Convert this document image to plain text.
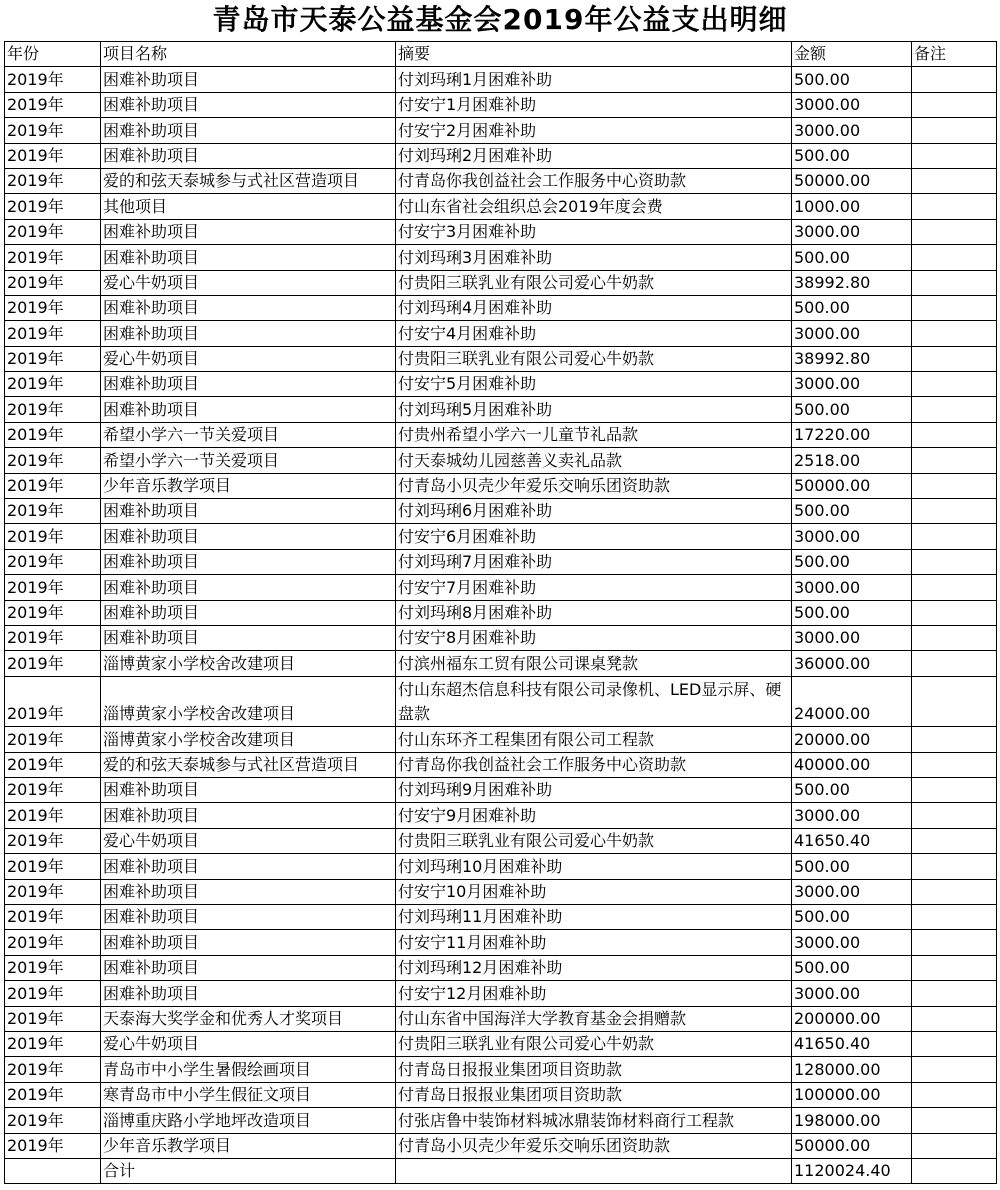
青岛市天泰公益基金会2019年公益支出明细
年份	项目名称	摘要	金额	备注
2019年	困难补助项目	付刘玛琍1月困难补助	500.00	
2019年	困难补助项目	付安宁1月困难补助	3000.00	
2019年	困难补助项目	付安宁2月困难补助	3000.00	
2019年	困难补助项目	付刘玛琍2月困难补助	500.00	
2019年	爱的和弦天泰城参与式社区营造项目	付青岛你我创益社会工作服务中心资助款	50000.00	
2019年	其他项目	付山东省社会组织总会2019年度会费	1000.00	
2019年	困难补助项目	付安宁3月困难补助	3000.00	
2019年	困难补助项目	付刘玛琍3月困难补助	500.00	
2019年	爱心牛奶项目	付贵阳三联乳业有限公司爱心牛奶款	38992.80	
2019年	困难补助项目	付刘玛琍4月困难补助	500.00	
2019年	困难补助项目	付安宁4月困难补助	3000.00	
2019年	爱心牛奶项目	付贵阳三联乳业有限公司爱心牛奶款	38992.80	
2019年	困难补助项目	付安宁5月困难补助	3000.00	
2019年	困难补助项目	付刘玛琍5月困难补助	500.00	
2019年	希望小学六一节关爱项目	付贵州希望小学六一儿童节礼品款	17220.00	
2019年	希望小学六一节关爱项目	付天泰城幼儿园慈善义卖礼品款	2518.00	
2019年	少年音乐教学项目	付青岛小贝壳少年爱乐交响乐团资助款	50000.00	
2019年	困难补助项目	付刘玛琍6月困难补助	500.00	
2019年	困难补助项目	付安宁6月困难补助	3000.00	
2019年	困难补助项目	付刘玛琍7月困难补助	500.00	
2019年	困难补助项目	付安宁7月困难补助	3000.00	
2019年	困难补助项目	付刘玛琍8月困难补助	500.00	
2019年	困难补助项目	付安宁8月困难补助	3000.00	
2019年	淄博黄家小学校舍改建项目	付滨州福东工贸有限公司课桌凳款	36000.00	
2019年	淄博黄家小学校舍改建项目	付山东超杰信息科技有限公司录像机、LED显示屏、硬盘款	24000.00	
2019年	淄博黄家小学校舍改建项目	付山东环齐工程集团有限公司工程款	20000.00	
2019年	爱的和弦天泰城参与式社区营造项目	付青岛你我创益社会工作服务中心资助款	40000.00	
2019年	困难补助项目	付刘玛琍9月困难补助	500.00	
2019年	困难补助项目	付安宁9月困难补助	3000.00	
2019年	爱心牛奶项目	付贵阳三联乳业有限公司爱心牛奶款	41650.40	
2019年	困难补助项目	付刘玛琍10月困难补助	500.00	
2019年	困难补助项目	付安宁10月困难补助	3000.00	
2019年	困难补助项目	付刘玛琍11月困难补助	500.00	
2019年	困难补助项目	付安宁11月困难补助	3000.00	
2019年	困难补助项目	付刘玛琍12月困难补助	500.00	
2019年	困难补助项目	付安宁12月困难补助	3000.00	
2019年	天泰海大奖学金和优秀人才奖项目	付山东省中国海洋大学教育基金会捐赠款	200000.00	
2019年	爱心牛奶项目	付贵阳三联乳业有限公司爱心牛奶款	41650.40	
2019年	青岛市中小学生暑假绘画项目	付青岛日报报业集团项目资助款	128000.00	
2019年	寒青岛市中小学生假征文项目	付青岛日报报业集团项目资助款	100000.00	
2019年	淄博重庆路小学地坪改造项目	付张店鲁中装饰材料城冰鼎装饰材料商行工程款	198000.00	
2019年	少年音乐教学项目	付青岛小贝壳少年爱乐交响乐团资助款	50000.00	
	合计		1120024.40	
